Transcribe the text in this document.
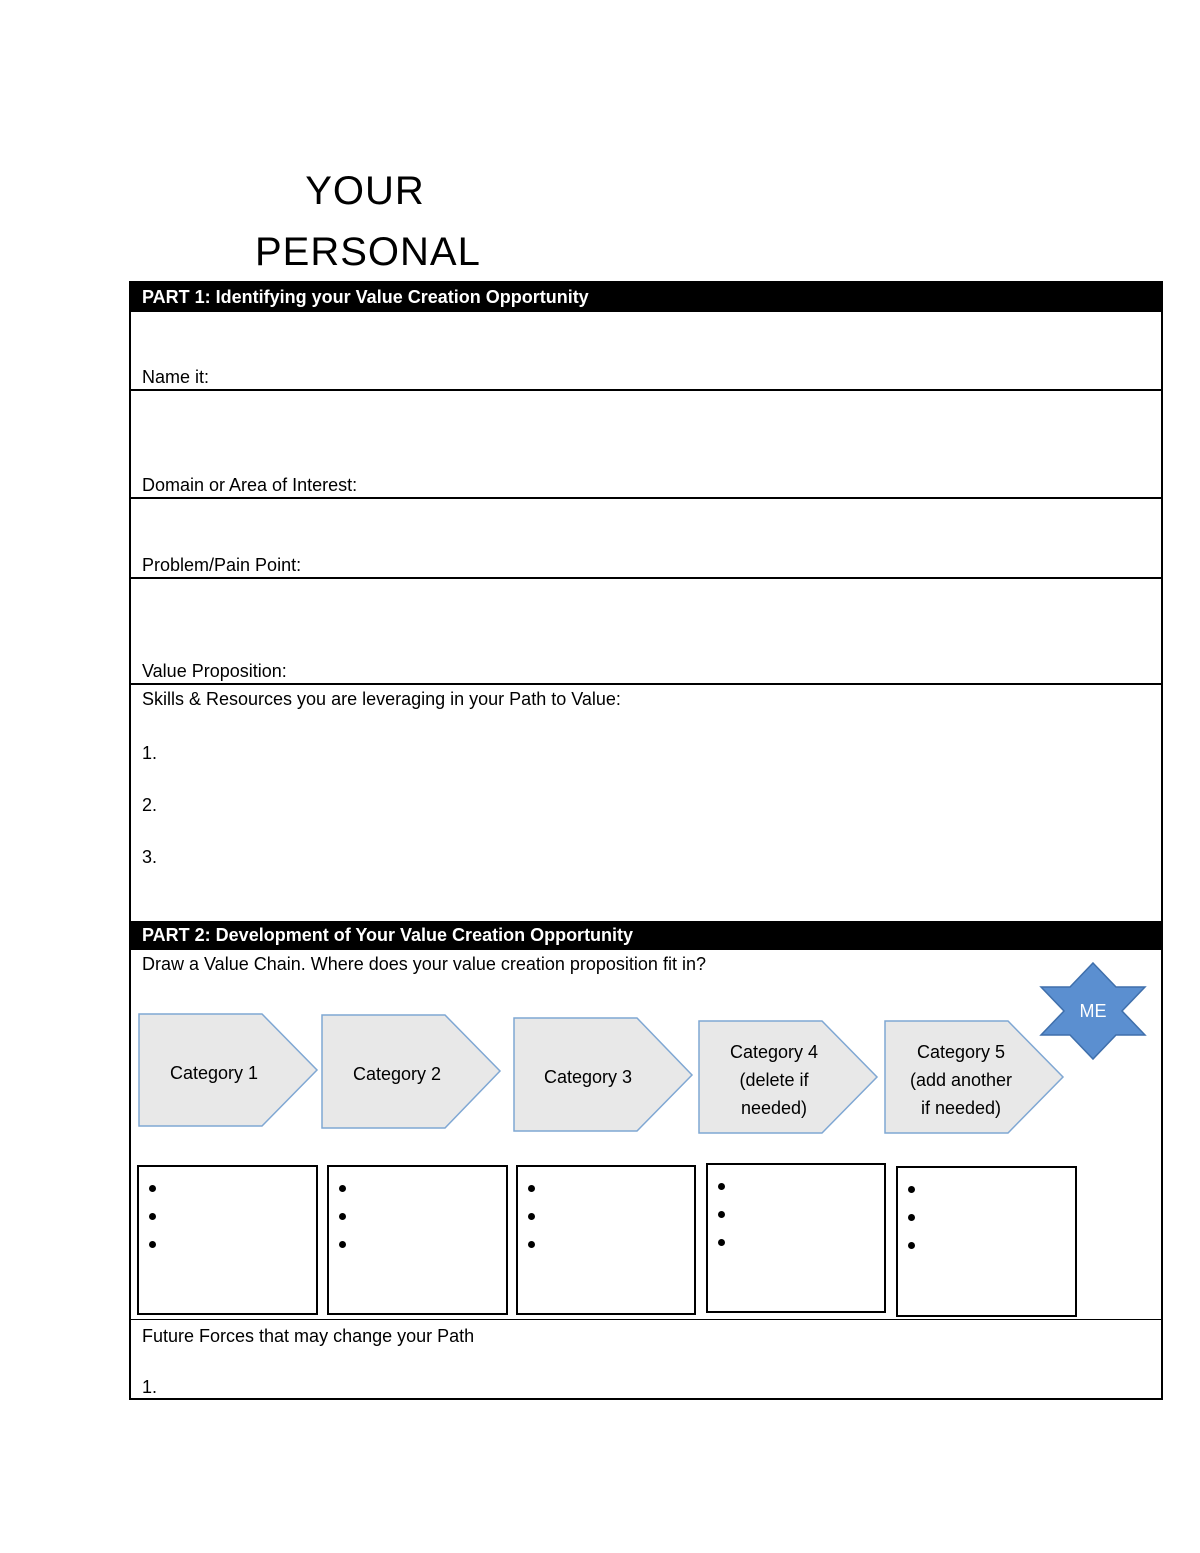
YOUR
PERSONAL
PART 1: Identifying your Value Creation Opportunity
Name it:
Domain or Area of Interest:
Problem/Pain Point:
Value Proposition:
Skills & Resources you are leveraging in your Path to Value:
1.
2.
3.
PART 2: Development of Your Value Creation Opportunity
Draw a Value Chain. Where does your value creation proposition fit in?
Category 1	Category 2	Category 3
Category 4
(delete if
needed)
Category 5
(add another
if needed)
ME
•
•
•
•
•
•
•
•
•
•
•
•
•
•
•
Future Forces that may change your Path
1.
